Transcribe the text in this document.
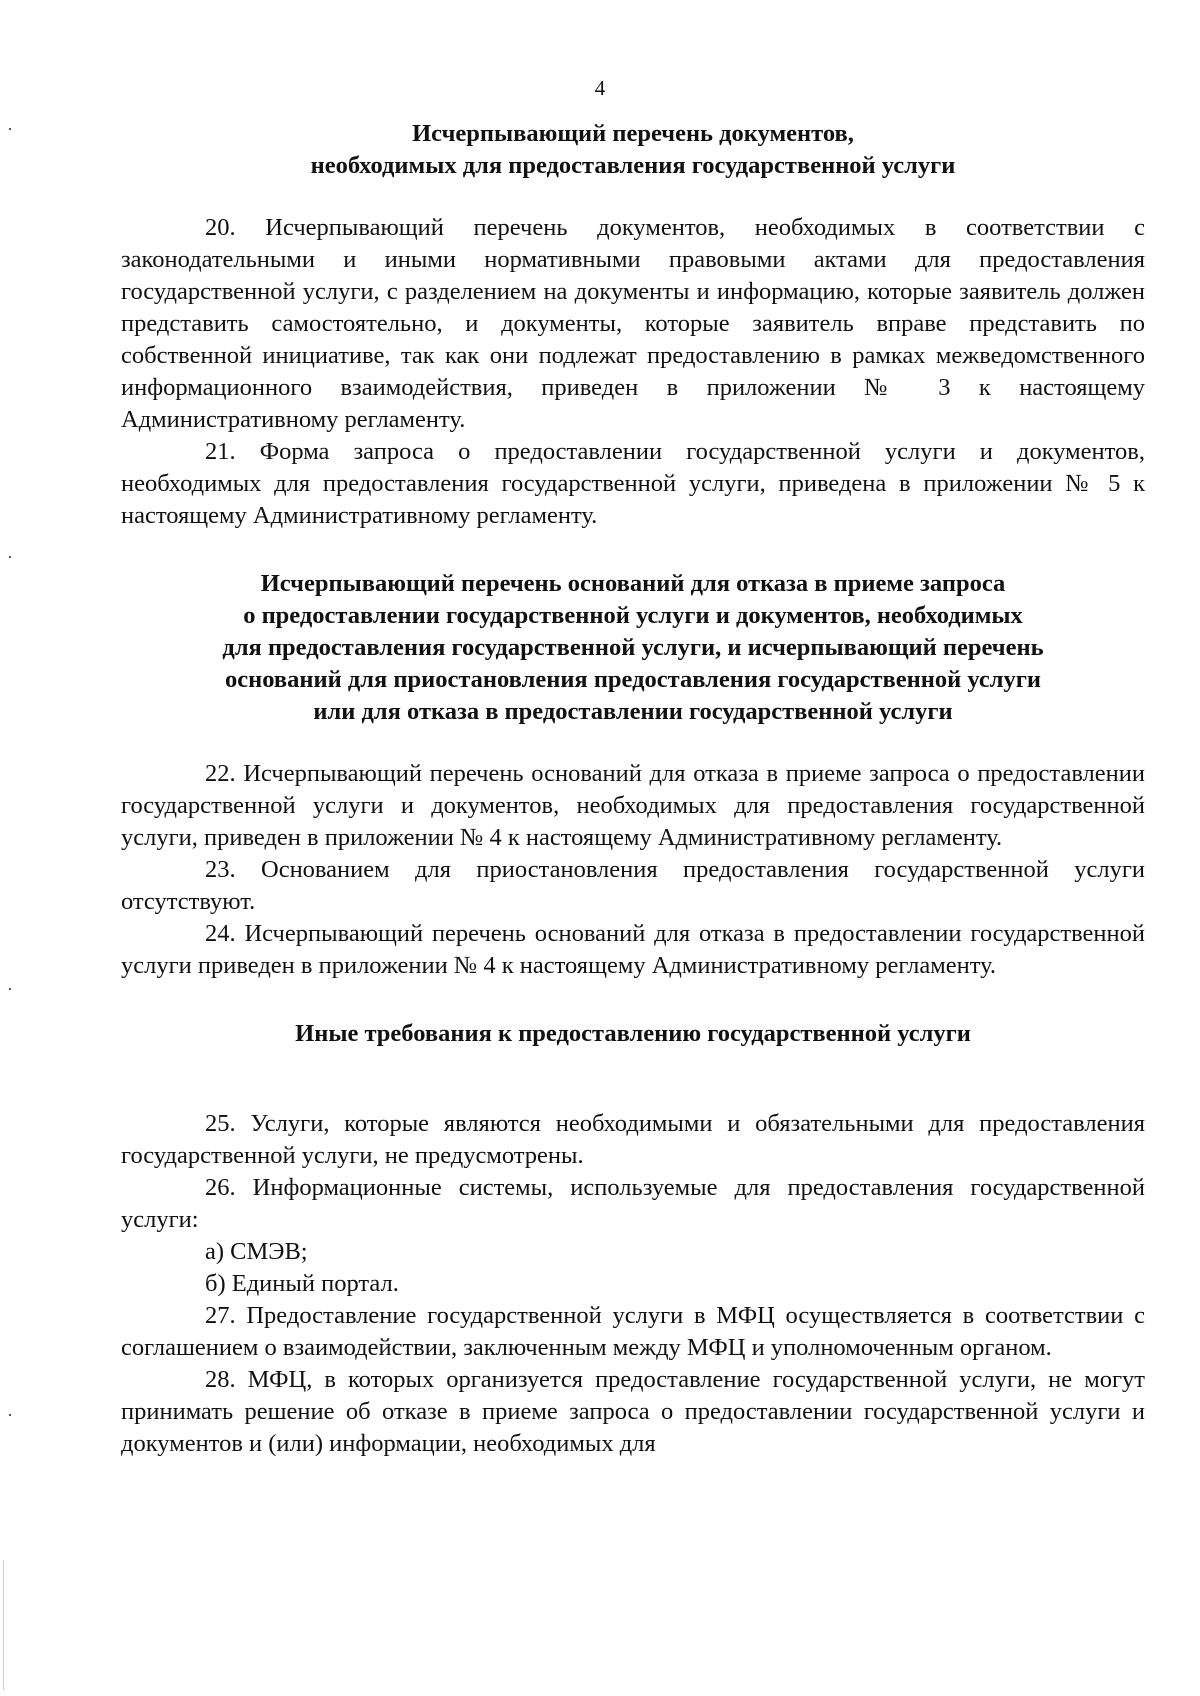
4
Исчерпывающий перечень документов,
необходимых для предоставления государственной услуги

20. Исчерпывающий перечень документов, необходимых в соответствии с законодательными и иными нормативными правовыми актами для предоставления государственной услуги, с разделением на документы и информацию, которые заявитель должен представить самостоятельно, и документы, которые заявитель вправе представить по собственной инициативе, так как они подлежат предоставлению в рамках межведомственного информационного взаимодействия, приведен в приложении № 3 к настоящему Административному регламенту.

21. Форма запроса о предоставлении государственной услуги и документов, необходимых для предоставления государственной услуги, приведена в приложении № 5 к настоящему Административному регламенту.

Исчерпывающий перечень оснований для отказа в приеме запроса
о предоставлении государственной услуги и документов, необходимых
для предоставления государственной услуги, и исчерпывающий перечень
оснований для приостановления предоставления государственной услуги
или для отказа в предоставлении государственной услуги

22. Исчерпывающий перечень оснований для отказа в приеме запроса о предоставлении государственной услуги и документов, необходимых для предоставления государственной услуги, приведен в приложении № 4 к настоящему Административному регламенту.

23. Основанием для приостановления предоставления государственной услуги отсутствуют.

24. Исчерпывающий перечень оснований для отказа в предоставлении государственной услуги приведен в приложении № 4 к настоящему Административному регламенту.

Иные требования к предоставлению государственной услуги

25. Услуги, которые являются необходимыми и обязательными для предоставления государственной услуги, не предусмотрены.

26. Информационные системы, используемые для предоставления государственной услуги:

а) СМЭВ;

б) Единый портал.

27. Предоставление государственной услуги в МФЦ осуществляется в соответствии с соглашением о взаимодействии, заключенным между МФЦ и уполномоченным органом.

28. МФЦ, в которых организуется предоставление государственной услуги, не могут принимать решение об отказе в приеме запроса о предоставлении государственной услуги и документов и (или) информации, необходимых для
